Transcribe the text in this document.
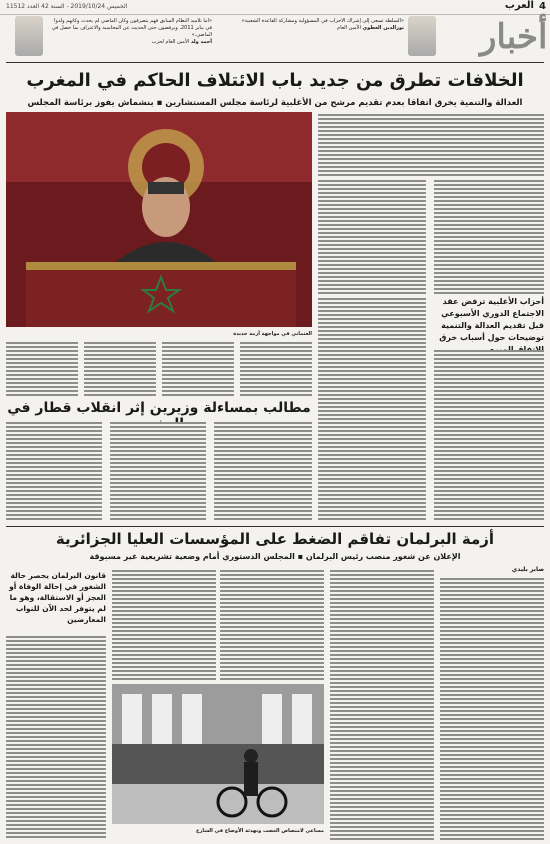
4
العرب
الخميس 2019/10/24 - السنة 42 العدد 11512
أخبار
«السلطة تسعى إلى إشراك الأحزاب في المسؤولية ومشاركة القاعدة الشعبية»
نورالدين العطوي الأمين العام
«أما تلاميذ النظام السابق فهم يتصرفون وكأن الماضي لم يحدث وكأنهم ولدوا في يناير 2011، ويرفضون حتى الحديث عن المحاسبة والاعتراف بما حصل في الماضي.»
أحمد ولد الأمين العام لحزب
الخلافات تطرق من جديد باب الائتلاف الحاكم في المغرب
العدالة والتنمية يخرق اتفاقا بعدم تقديم مرشح من الأغلبية لرئاسة مجلس المستشارين ▪ بنشماش يفوز برئاسة المجلس
العثماني في مواجهة أزمة جديدة
أحزاب الأغلبية ترفض عقد الاجتماع الدوري الأسبوعي قبل تقديم العدالة والتنمية توضيحات حول أسباب خرق
مطالب بمساءلة وزيرين إثر انقلاب قطار في
أزمة البرلمان تفاقم الضغط على المؤسسات العليا الجزائرية
الإعلان عن شغور منصب رئيس البرلمان ▪ المجلس الدستوري أمام وضعية تشريعية غير مسبوقة
صابر بليدي
مساعي لامتصاص الغضب وتهدئة الأوضاع في الشارع
قانون البرلمان يحصر حالة الشغور في إحالة الوفاة أو العجز أو الاستقالة، وهو ما لم يتوفر لحد الآن للنواب المعارضين
